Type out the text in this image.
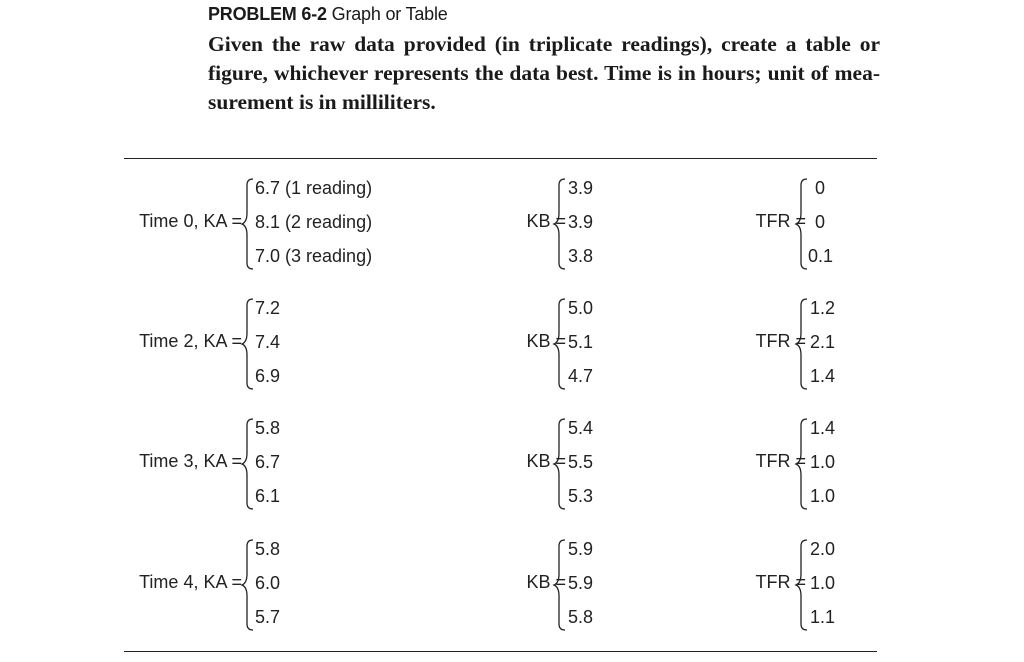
PROBLEM 6-2 Graph or Table
Given the raw data provided (in triplicate readings), create a table or
figure, whichever represents the data best. Time is in hours; unit of mea-
surement is in milliliters.
Time 0, KA =
6.7 (1 reading)
8.1 (2 reading)
7.0 (3 reading)
KB =
3.9
3.9
3.8
TFR =
0
0
0.1
Time 2, KA =
7.2
7.4
6.9
KB =
5.0
5.1
4.7
TFR =
1.2
2.1
1.4
Time 3, KA =
5.8
6.7
6.1
KB =
5.4
5.5
5.3
TFR =
1.4
1.0
1.0
Time 4, KA =
5.8
6.0
5.7
KB =
5.9
5.9
5.8
TFR =
2.0
1.0
1.1
